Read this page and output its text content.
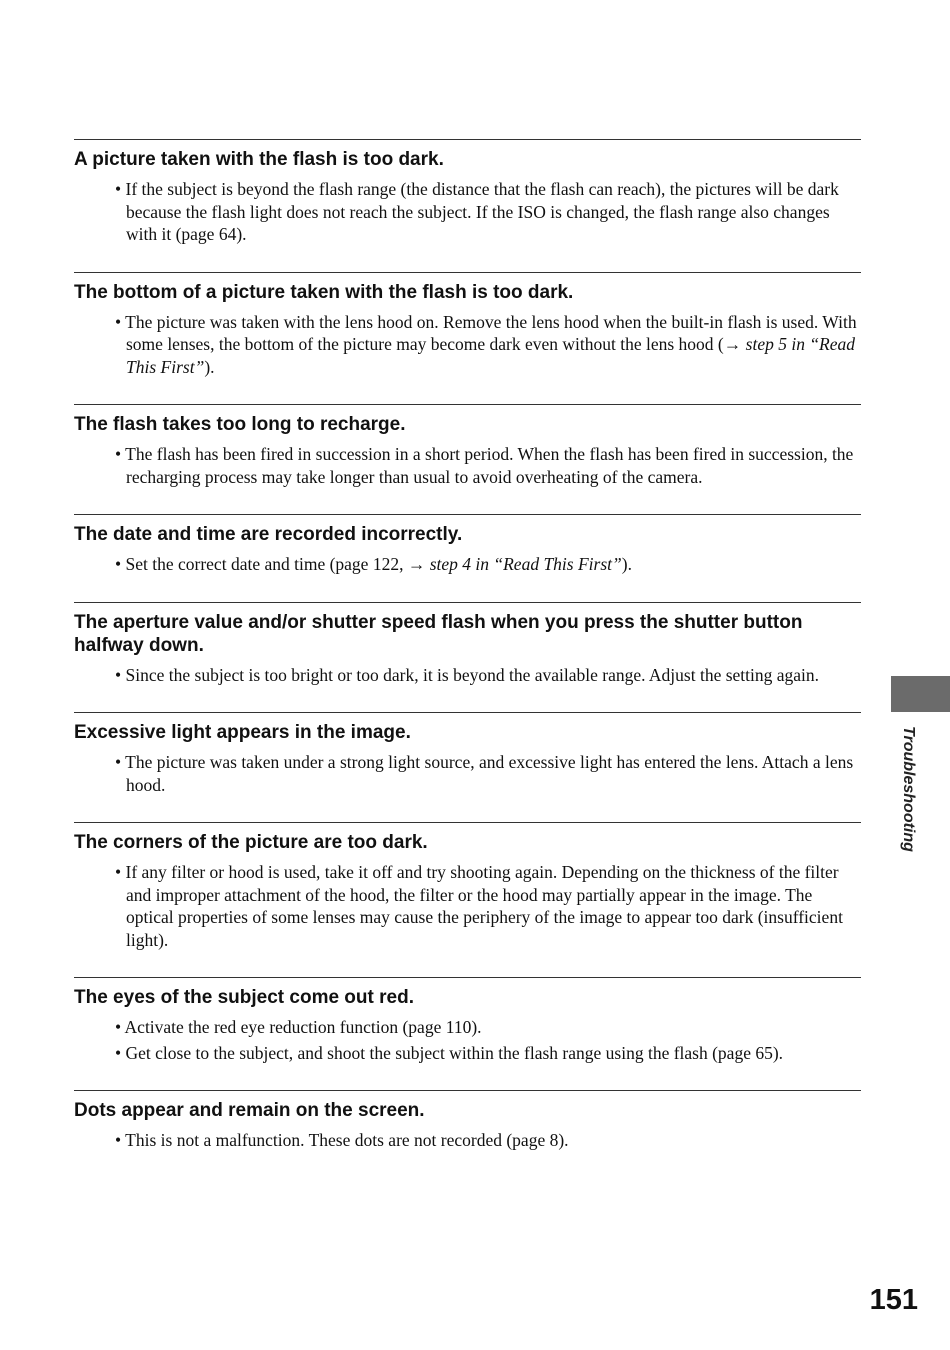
A picture taken with the flash is too dark.
• If the subject is beyond the flash range (the distance that the flash can reach), the pictures will be dark because the flash light does not reach the subject. If the ISO is changed, the flash range also changes with it (page 64).
The bottom of a picture taken with the flash is too dark.
• The picture was taken with the lens hood on. Remove the lens hood when the built-in flash is used. With some lenses, the bottom of the picture may become dark even without the lens hood (→ step 5 in “Read This First”).
The flash takes too long to recharge.
• The flash has been fired in succession in a short period. When the flash has been fired in succession, the recharging process may take longer than usual to avoid overheating of the camera.
The date and time are recorded incorrectly.
• Set the correct date and time (page 122, → step 4 in “Read This First”).
The aperture value and/or shutter speed flash when you press the shutter button halfway down.
• Since the subject is too bright or too dark, it is beyond the available range. Adjust the setting again.
Excessive light appears in the image.
• The picture was taken under a strong light source, and excessive light has entered the lens. Attach a lens hood.
The corners of the picture are too dark.
• If any filter or hood is used, take it off and try shooting again. Depending on the thickness of the filter and improper attachment of the hood, the filter or the hood may partially appear in the image. The optical properties of some lenses may cause the periphery of the image to appear too dark (insufficient light).
The eyes of the subject come out red.
• Activate the red eye reduction function (page 110).
• Get close to the subject, and shoot the subject within the flash range using the flash (page 65).
Dots appear and remain on the screen.
• This is not a malfunction. These dots are not recorded (page 8).
Troubleshooting
151
